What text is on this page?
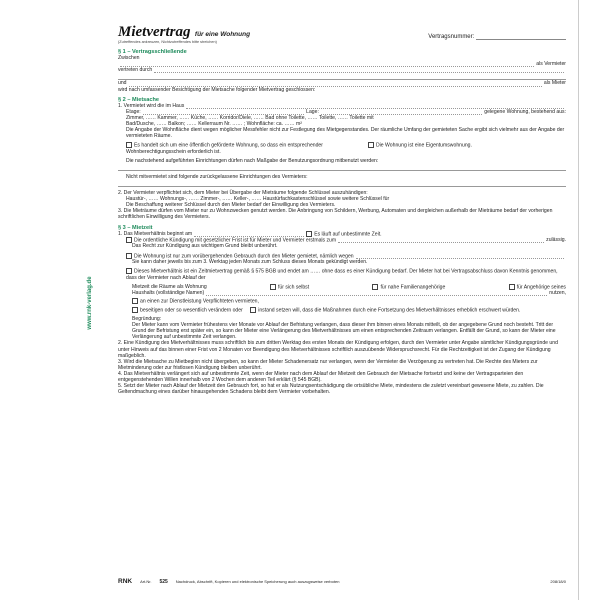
www.rnk-verlag.de
Mietvertrag für eine Wohnung	Vertragsnummer:
(Zutreffendes ankreuzen, Nichtzutreffendes bitte streichen)
§ 1 – Vertragsschließende
Zwischen
als Vermieter
vertreten durch
und	als Mieter
wird nach umfassender Besichtigung der Mietsache folgender Mietvertrag geschlossen:
§ 2 – Mietsache
1. Vermietet wird die im Haus
Etage:	Lage:	gelegene Wohnung, bestehend aus:
Zimmer, …… Kammer, …… Küche, …… Korridor/Diele, …… Bad ohne Toilette, …… Toilette, …… Toilette mit
Bad/Dusche, …… Balkon; …… Kellerraum Nr. …… ; Wohnfläche: ca. …… m²
Die Angabe der Wohnfläche dient wegen möglicher Messfehler nicht zur Festlegung des Mietgegenstandes. Der räumliche Umfang der gemieteten Sache ergibt sich vielmehr aus der Angabe der vermieteten Räume.
Es handelt sich um eine öffentlich geförderte Wohnung, so dass ein entsprechender Wohnberechtigungsschein erforderlich ist.
Die Wohnung ist eine Eigentumswohnung.
Die nachstehend aufgeführten Einrichtungen dürfen nach Maßgabe der Benutzungsordnung mitbenutzt werden:
Nicht mitvermietet sind folgende zurückgelassene Einrichtungen des Vermieters:
2. Der Vermieter verpflichtet sich, dem Mieter bei Übergabe der Mieträume folgende Schlüssel auszuhändigen:
Haustür-, …… Wohnungs-, …… Zimmer-, …… Keller-, …… Haustürfachkastenschlüssel sowie weitere Schlüssel für
Die Beschaffung weiterer Schlüssel durch den Mieter bedarf der Einwilligung des Vermieters.
3. Die Mieträume dürfen vom Mieter nur zu Wohnzwecken genutzt werden. Die Anbringung von Schildern, Werbung, Automaten und dergleichen außerhalb der Mieträume bedarf der vorherigen schriftlichen Einwilligung des Vermieters.
§ 3 – Mietzeit
1. Das Mietverhältnis beginnt am	Es läuft auf unbestimmte Zeit.
Die ordentliche Kündigung mit gesetzlicher Frist ist für Mieter und Vermieter erstmals zum	zulässig.
Das Recht zur Kündigung aus wichtigem Grund bleibt unberührt.
Die Wohnung ist nur zum vorübergehenden Gebrauch durch den Mieter gemietet, nämlich wegen
Sie kann daher jeweils bis zum 3. Werktag jeden Monats zum Schluss dieses Monats gekündigt werden.
Dieses Mietverhältnis ist ein Zeitmietvertrag gemäß § 575 BGB und endet am …… ohne dass es einer Kündigung bedarf. Der Mieter hat bei Vertragsabschluss davon Kenntnis genommen, dass der Vermieter nach Ablauf der
Mietzeit die Räume als Wohnung	für sich selbst	für nahe Familienangehörige	für Angehörige seines
Haushalts (vollständige Namen)	nutzen,
an einen zur Dienstleistung Verpflichteten vermieten,
beseitigen oder so wesentlich verändern oder	instand setzen will, dass die Maßnahmen durch eine Fortsetzung des Mietverhältnisses erheblich erschwert würden.
Begründung:
Der Mieter kann vom Vermieter frühestens vier Monate vor Ablauf der Befristung verlangen, dass dieser ihm binnen eines Monats mitteilt, ob der angegebene Grund noch besteht. Tritt der Grund der Befristung erst später ein, so kann der Mieter eine Verlängerung des Mietverhältnisses um einen entsprechenden Zeitraum verlangen. Entfällt der Grund, so kann der Mieter eine Verlängerung auf unbestimmte Zeit verlangen.
2. Eine Kündigung des Mietverhältnisses muss schriftlich bis zum dritten Werktag des ersten Monats der Kündigung erfolgen, durch den Vermieter unter Angabe sämtlicher Kündigungsgründe und unter Hinweis auf das binnen einer Frist von 2 Monaten vor Beendigung des Mietverhältnisses schriftlich auszuübende Widerspruchsrecht. Für die Rechtzeitigkeit ist der Zugang der Kündigung maßgeblich.
3. Wird die Mietsache zu Mietbeginn nicht übergeben, so kann der Mieter Schadenersatz nur verlangen, wenn der Vermieter die Verzögerung zu vertreten hat. Die Rechte des Mieters zur Mietminderung oder zur fristlosen Kündigung bleiben unberührt.
4. Das Mietverhältnis verlängert sich auf unbestimmte Zeit, wenn der Mieter nach dem Ablauf der Mietzeit den Gebrauch der Mietsache fortsetzt und keine der Vertragsparteien den entgegenstehenden Willen innerhalb von 2 Wochen dem anderen Teil erklärt (§ 545 BGB).
5. Setzt der Mieter nach Ablauf der Mietzeit den Gebrauch fort, so hat er als Nutzungsentschädigung die ortsübliche Miete, mindestens die zuletzt vereinbart gewesene Miete, zu zahlen. Die Geltendmachung eines darüber hinausgehenden Schadens bleibt dem Vermieter vorbehalten.
RNK Art.Nr. 525 Nachdruck, Abschrift, Kopieren und elektronische Speicherung auch auszugsweise verboten	208/18/0
